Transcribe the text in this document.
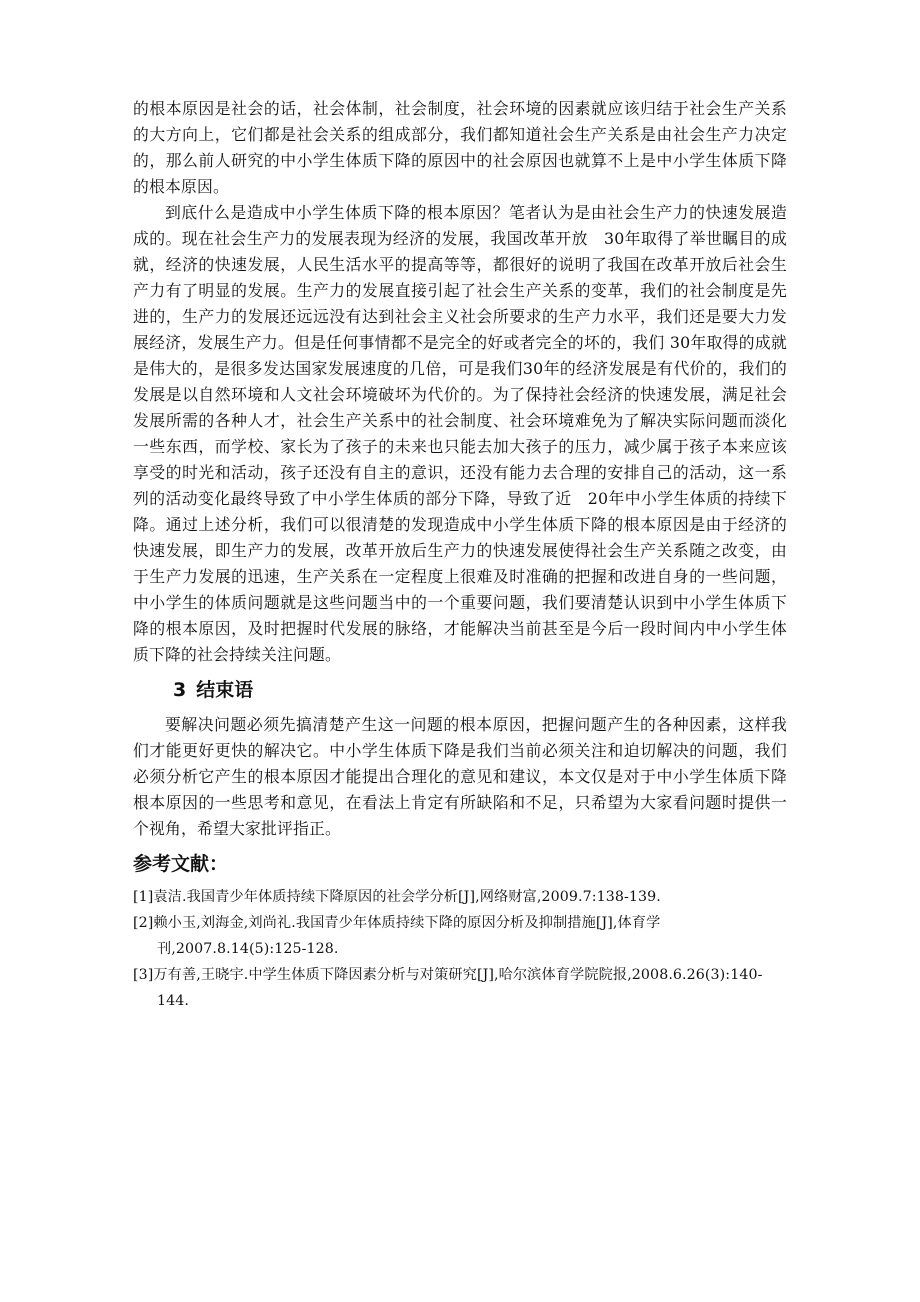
的根本原因是社会的话，社会体制，社会制度，社会环境的因素就应该归结于社会生产关系的大方向上，它们都是社会关系的组成部分，我们都知道社会生产关系是由社会生产力决定的，那么前人研究的中小学生体质下降的原因中的社会原因也就算不上是中小学生体质下降的根本原因。

到底什么是造成中小学生体质下降的根本原因？笔者认为是由社会生产力的快速发展造成的。现在社会生产力的发展表现为经济的发展，我国改革开放　30年取得了举世瞩目的成就，经济的快速发展，人民生活水平的提高等等，都很好的说明了我国在改革开放后社会生产力有了明显的发展。生产力的发展直接引起了社会生产关系的变革，我们的社会制度是先进的，生产力的发展还远远没有达到社会主义社会所要求的生产力水平，我们还是要大力发展经济，发展生产力。但是任何事情都不是完全的好或者完全的坏的，我们 30年取得的成就是伟大的，是很多发达国家发展速度的几倍，可是我们30年的经济发展是有代价的，我们的发展是以自然环境和人文社会环境破坏为代价的。为了保持社会经济的快速发展，满足社会发展所需的各种人才，社会生产关系中的社会制度、社会环境难免为了解决实际问题而淡化一些东西，而学校、家长为了孩子的未来也只能去加大孩子的压力，减少属于孩子本来应该享受的时光和活动，孩子还没有自主的意识，还没有能力去合理的安排自己的活动，这一系列的活动变化最终导致了中小学生体质的部分下降，导致了近　20年中小学生体质的持续下降。通过上述分析，我们可以很清楚的发现造成中小学生体质下降的根本原因是由于经济的快速发展，即生产力的发展，改革开放后生产力的快速发展使得社会生产关系随之改变，由于生产力发展的迅速，生产关系在一定程度上很难及时准确的把握和改进自身的一些问题，中小学生的体质问题就是这些问题当中的一个重要问题，我们要清楚认识到中小学生体质下降的根本原因，及时把握时代发展的脉络，才能解决当前甚至是今后一段时间内中小学生体质下降的社会持续关注问题。

3 结束语

要解决问题必须先搞清楚产生这一问题的根本原因，把握问题产生的各种因素，这样我们才能更好更快的解决它。中小学生体质下降是我们当前必须关注和迫切解决的问题，我们必须分析它产生的根本原因才能提出合理化的意见和建议，本文仅是对于中小学生体质下降根本原因的一些思考和意见，在看法上肯定有所缺陷和不足，只希望为大家看问题时提供一个视角，希望大家批评指正。

参考文献：

[1]袁洁.我国青少年体质持续下降原因的社会学分析[J],网络财富,2009.7:138-139.

[2]赖小玉,刘海金,刘尚礼.我国青少年体质持续下降的原因分析及抑制措施[J],体育学刊,2007.8.14(5):125-128.

[3]万有善,王晓宇.中学生体质下降因素分析与对策研究[J],哈尔滨体育学院院报,2008.6.26(3):140-144.
